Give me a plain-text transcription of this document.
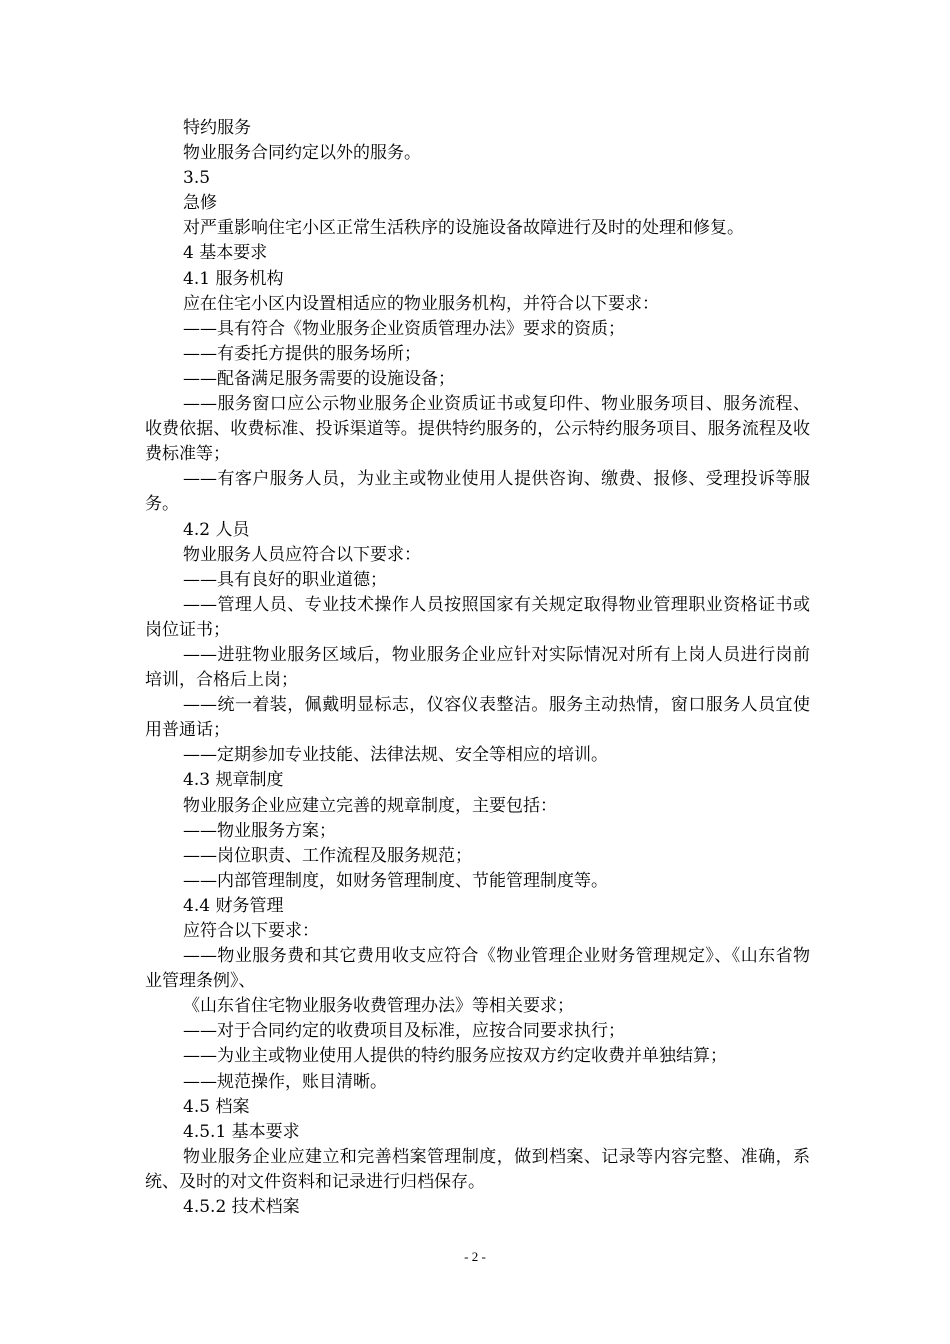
特约服务

物业服务合同约定以外的服务。

3.5

急修

对严重影响住宅小区正常生活秩序的设施设备故障进行及时的处理和修复。

4 基本要求

4.1 服务机构

应在住宅小区内设置相适应的物业服务机构，并符合以下要求：

——具有符合《物业服务企业资质管理办法》要求的资质；

——有委托方提供的服务场所；

——配备满足服务需要的设施设备；

——服务窗口应公示物业服务企业资质证书或复印件、物业服务项目、服务流程、收费依据、收费标准、投诉渠道等。提供特约服务的，公示特约服务项目、服务流程及收费标准等；

——有客户服务人员，为业主或物业使用人提供咨询、缴费、报修、受理投诉等服务。

4.2 人员

物业服务人员应符合以下要求：

——具有良好的职业道德；

——管理人员、专业技术操作人员按照国家有关规定取得物业管理职业资格证书或岗位证书；

——进驻物业服务区域后，物业服务企业应针对实际情况对所有上岗人员进行岗前培训，合格后上岗；

——统一着装，佩戴明显标志，仪容仪表整洁。服务主动热情，窗口服务人员宜使用普通话；

——定期参加专业技能、法律法规、安全等相应的培训。

4.3 规章制度

物业服务企业应建立完善的规章制度，主要包括：

——物业服务方案；

——岗位职责、工作流程及服务规范；

——内部管理制度，如财务管理制度、节能管理制度等。

4.4 财务管理

应符合以下要求：

——物业服务费和其它费用收支应符合《物业管理企业财务管理规定》、《山东省物业管理条例》、

《山东省住宅物业服务收费管理办法》等相关要求；

——对于合同约定的收费项目及标准，应按合同要求执行；

——为业主或物业使用人提供的特约服务应按双方约定收费并单独结算；

——规范操作，账目清晰。

4.5 档案

4.5.1 基本要求

物业服务企业应建立和完善档案管理制度，做到档案、记录等内容完整、准确，系统、及时的对文件资料和记录进行归档保存。

4.5.2 技术档案

- 2 -
